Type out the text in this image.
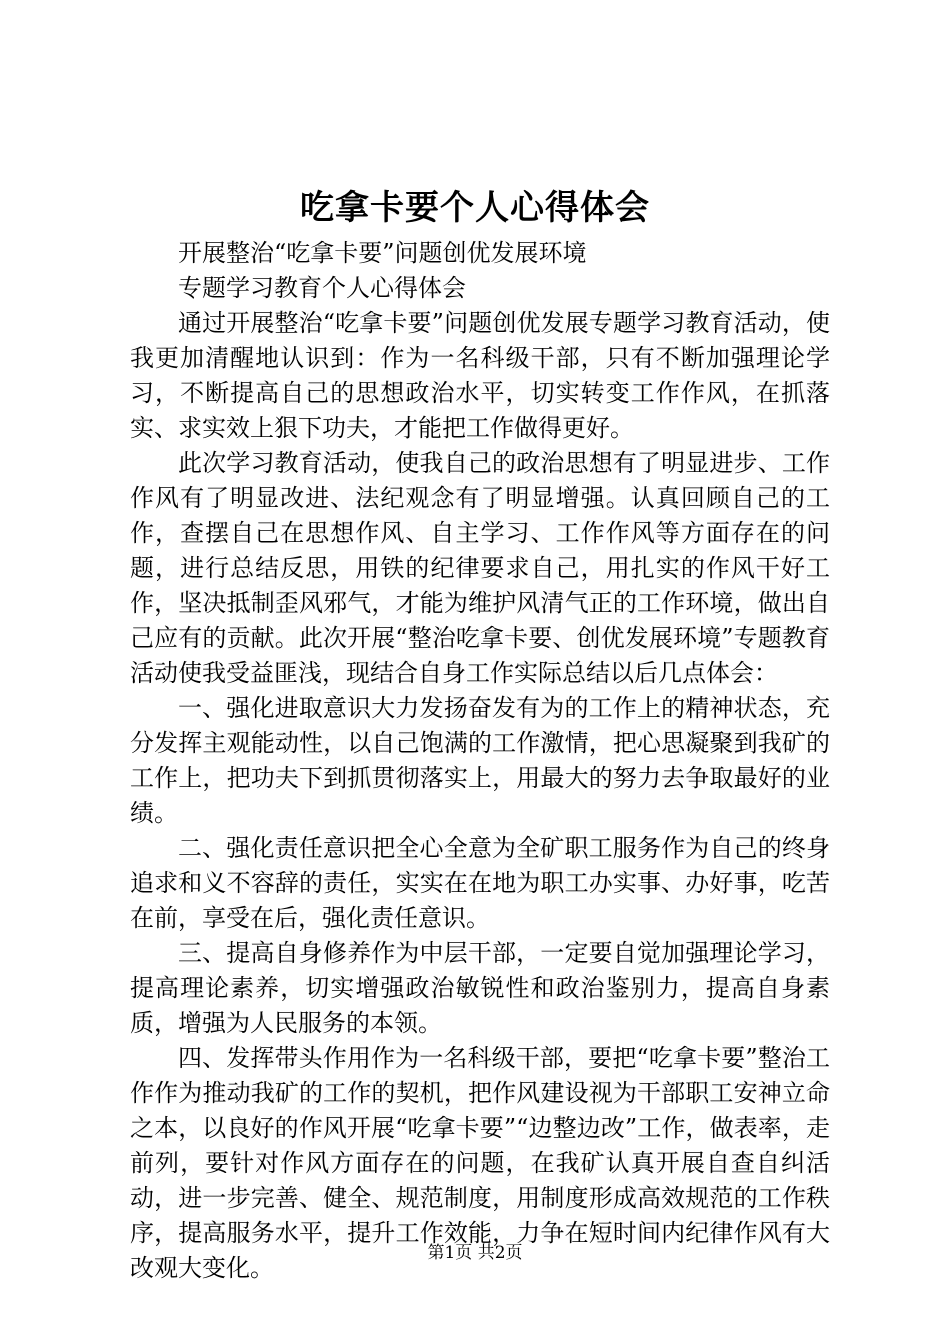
吃拿卡要个人心得体会

开展整治“吃拿卡要”问题创优发展环境

专题学习教育个人心得体会

通过开展整治“吃拿卡要”问题创优发展专题学习教育活动，使我更加清醒地认识到：作为一名科级干部，只有不断加强理论学习，不断提高自己的思想政治水平，切实转变工作作风，在抓落实、求实效上狠下功夫，才能把工作做得更好。

此次学习教育活动，使我自己的政治思想有了明显进步、工作作风有了明显改进、法纪观念有了明显增强。认真回顾自己的工作，查摆自己在思想作风、自主学习、工作作风等方面存在的问题，进行总结反思，用铁的纪律要求自己，用扎实的作风干好工作，坚决抵制歪风邪气，才能为维护风清气正的工作环境，做出自己应有的贡献。此次开展“整治吃拿卡要、创优发展环境”专题教育活动使我受益匪浅，现结合自身工作实际总结以后几点体会：

一、强化进取意识大力发扬奋发有为的工作上的精神状态，充分发挥主观能动性，以自己饱满的工作激情，把心思凝聚到我矿的工作上，把功夫下到抓贯彻落实上，用最大的努力去争取最好的业绩。

二、强化责任意识把全心全意为全矿职工服务作为自己的终身追求和义不容辞的责任，实实在在地为职工办实事、办好事，吃苦在前，享受在后，强化责任意识。

三、提高自身修养作为中层干部，一定要自觉加强理论学习，提高理论素养，切实增强政治敏锐性和政治鉴别力，提高自身素质，增强为人民服务的本领。

四、发挥带头作用作为一名科级干部，要把“吃拿卡要”整治工作作为推动我矿的工作的契机，把作风建设视为干部职工安神立命之本，以良好的作风开展“吃拿卡要”“边整边改”工作，做表率，走前列，要针对作风方面存在的问题，在我矿认真开展自查自纠活动，进一步完善、健全、规范制度，用制度形成高效规范的工作秩序，提高服务水平，提升工作效能，力争在短时间内纪律作风有大改观大变化。

第1页 共2页
